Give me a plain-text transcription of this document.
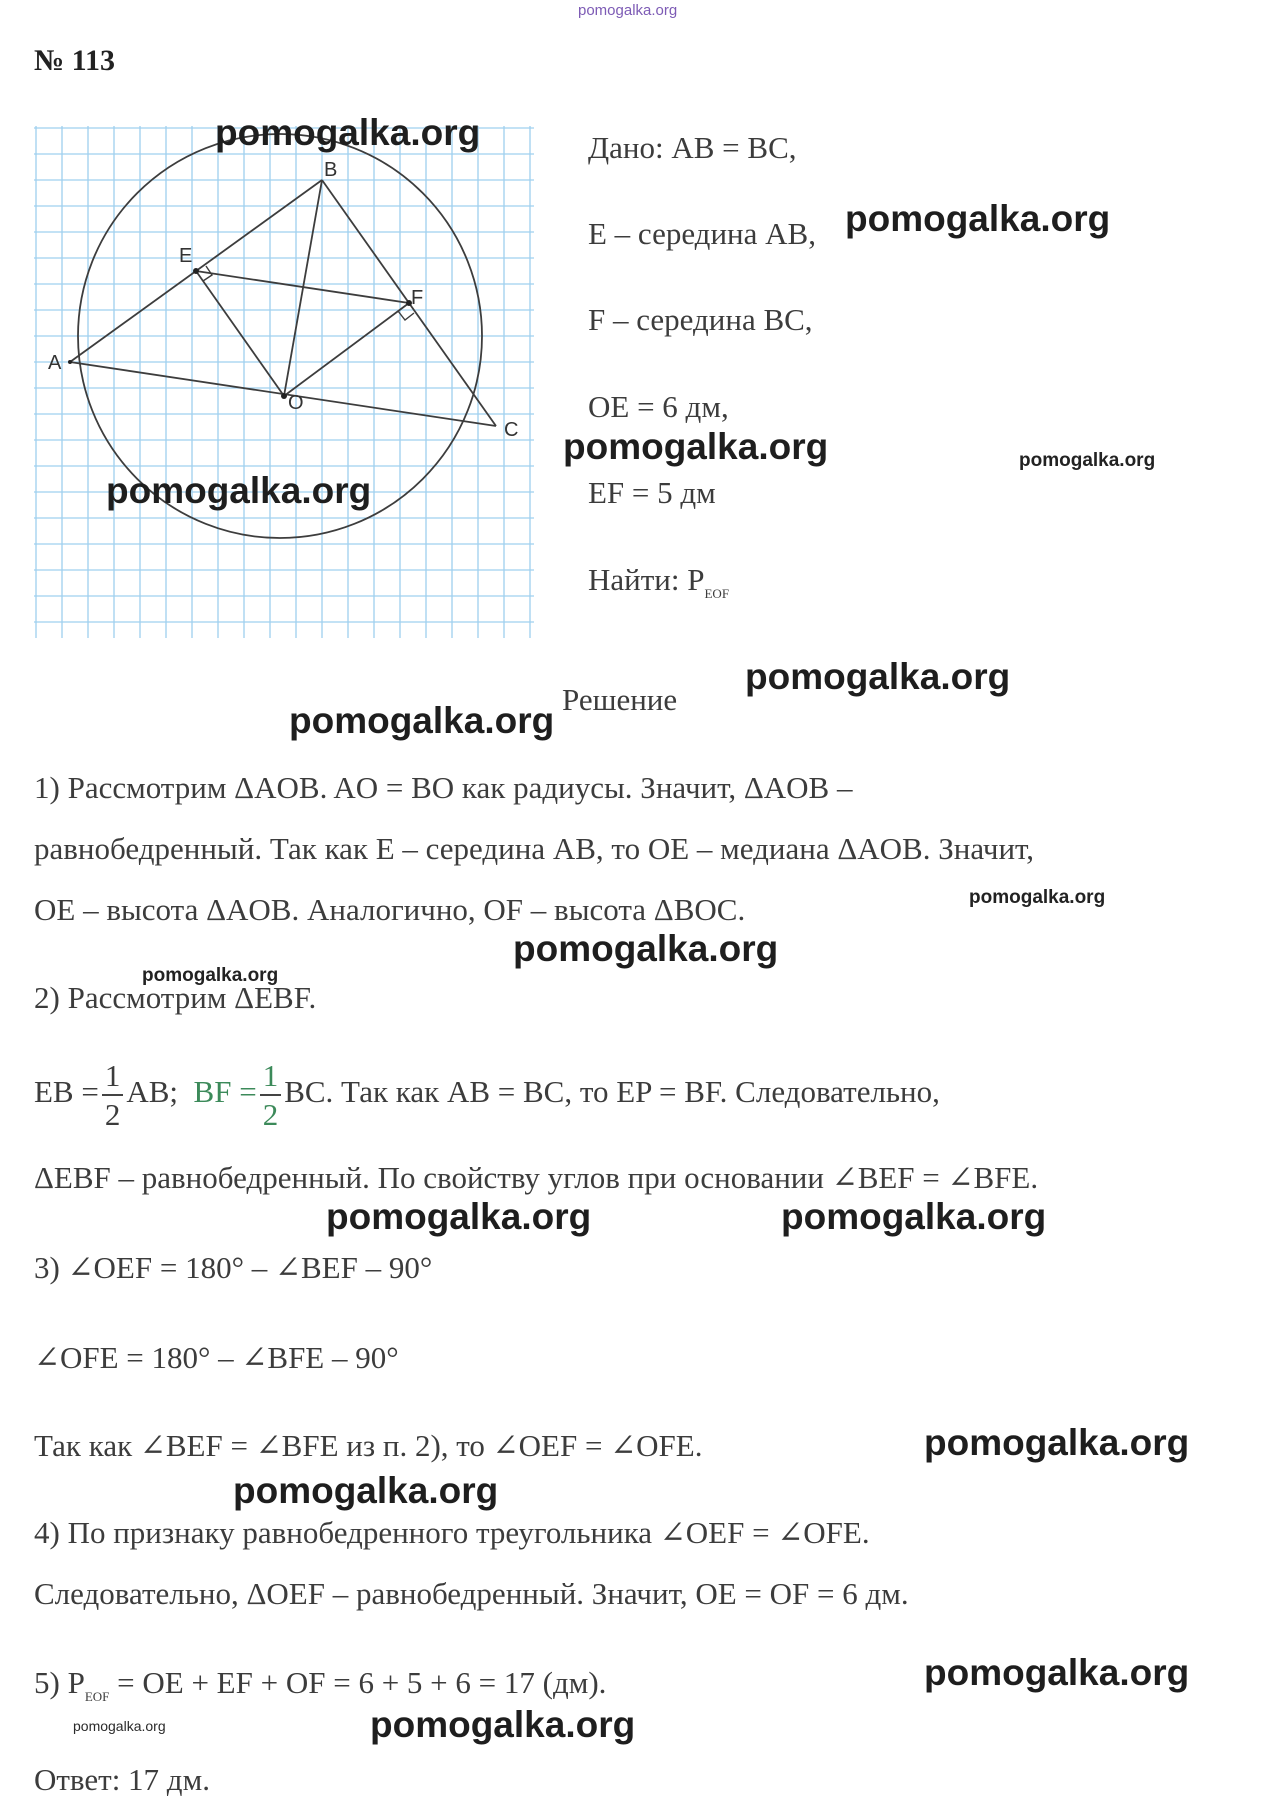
pomogalka.org
№ 113
A
B
C
E
F
O
Дано: AB = BC,
E – середина AB,
F – середина BC,
OE = 6 дм,
EF = 5 дм
Найти: $P_{EOF}$
Решение
1) Рассмотрим ΔAOB. AO = BO как радиусы. Значит, ΔAOB –
равнобедренный. Так как E – середина AB, то OE – медиана ΔAOB. Значит,
OE – высота ΔAOB. Аналогично, OF – высота ΔBOC.
2) Рассмотрим ΔEBF.
EB = $\frac{1}{2}$ AB; BF = $\frac{1}{2}$ BC. Так как AB = BC, то EP = BF. Следовательно,
ΔEBF – равнобедренный. По свойству углов при основании ∠BEF = ∠BFE.
3) ∠OEF = 180° – ∠BEF – 90°
∠OFE = 180° – ∠BFE – 90°
Так как ∠BEF = ∠BFE из п. 2), то ∠OEF = ∠OFE.
4) По признаку равнобедренного треугольника ∠OEF = ∠OFE.
Следовательно, ΔOEF – равнобедренный. Значит, OE = OF = 6 дм.
5) $P_{EOF}$ = OE + EF + OF = 6 + 5 + 6 = 17 (дм).
Ответ: 17 дм.
pomogalka.org
pomogalka.org
pomogalka.org	pomogalka.org
pomogalka.org
pomogalka.org
pomogalka.org
pomogalka.org
pomogalka.org
pomogalka.org
pomogalka.org	pomogalka.org
pomogalka.org
pomogalka.org
pomogalka.org
pomogalka.org	pomogalka.org
